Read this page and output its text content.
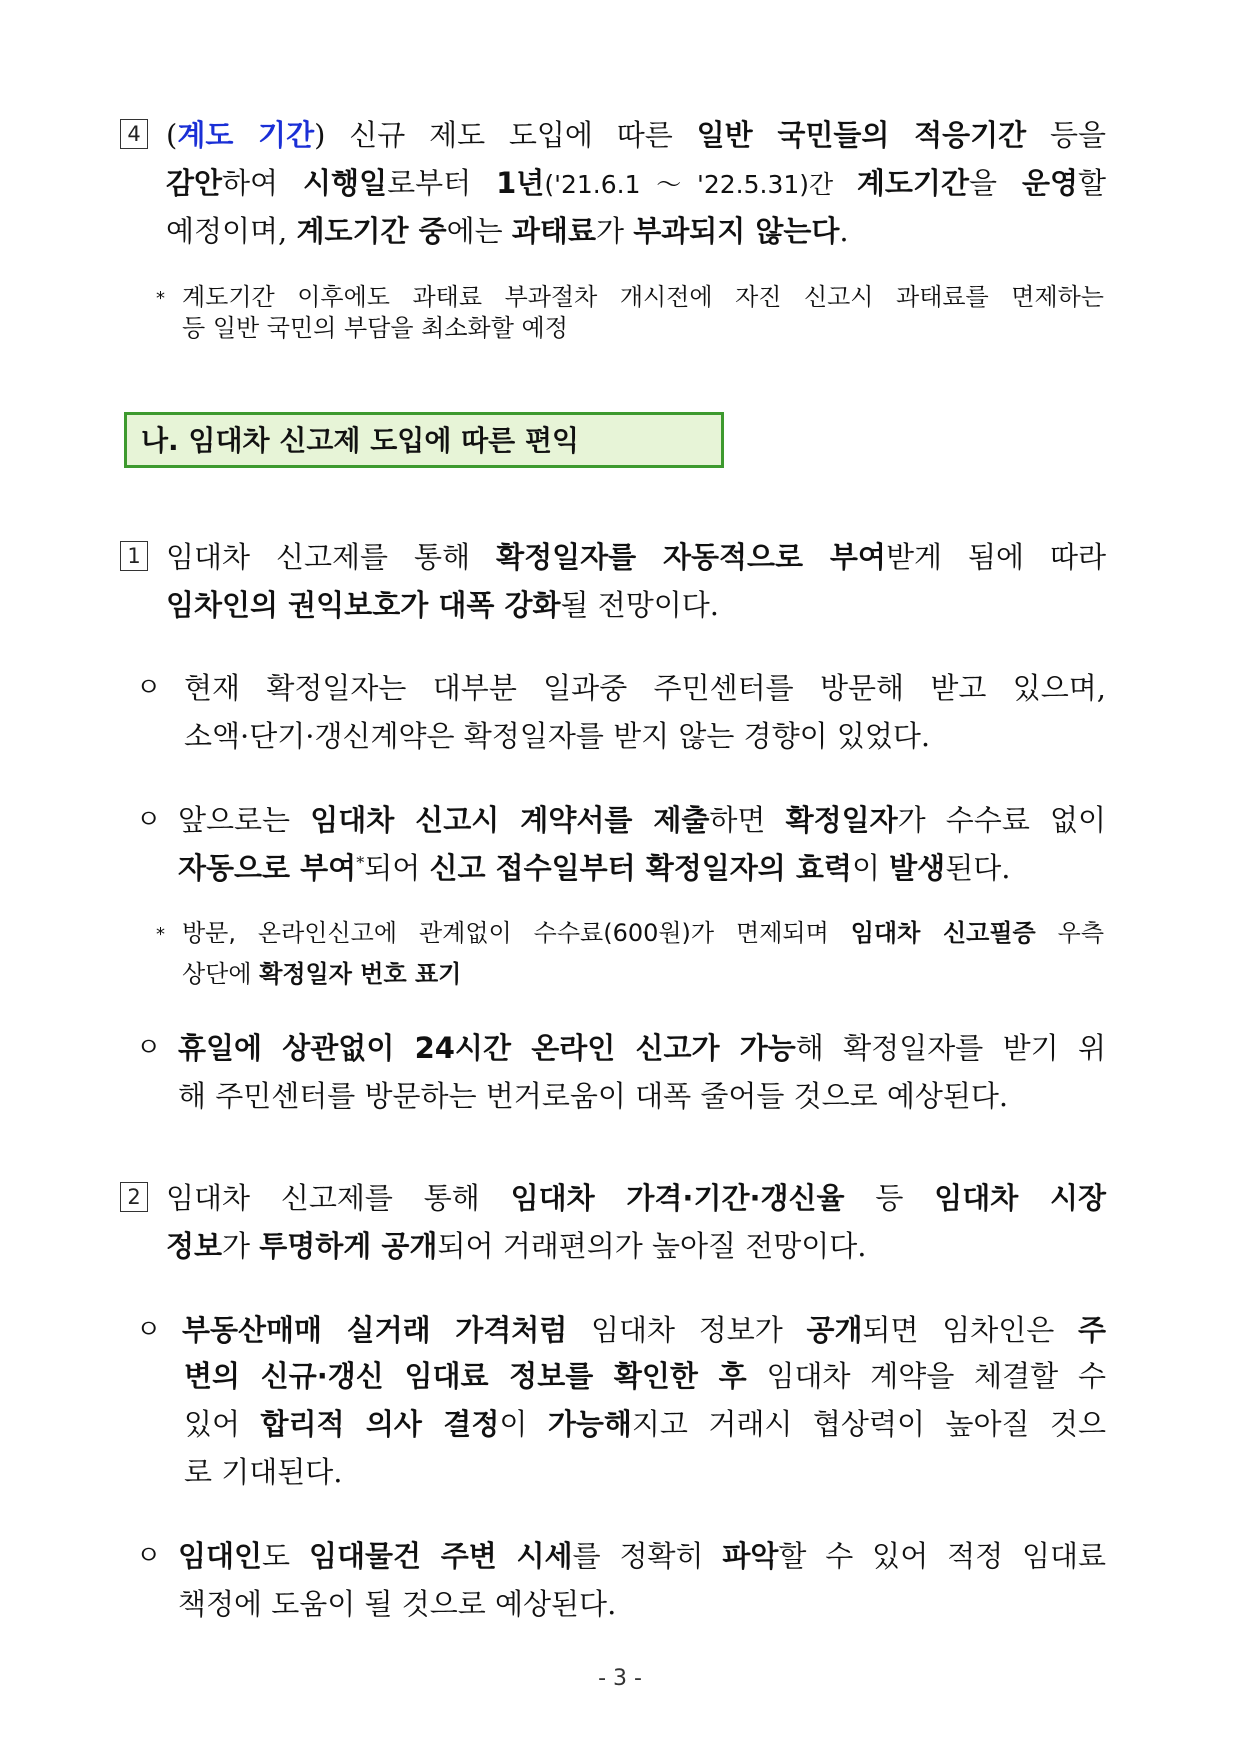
4 (계도 기간) 신규 제도 도입에 따른 일반 국민들의 적응기간 등을
감안하여 시행일로부터 1년('21.6.1～'22.5.31)간 계도기간을 운영할
예정이며, 계도기간 중에는 과태료가 부과되지 않는다.
* 계도기간 이후에도 과태료 부과절차 개시전에 자진 신고시 과태료를 면제하는
등 일반 국민의 부담을 최소화할 예정
나. 임대차 신고제 도입에 따른 편익
1 임대차 신고제를 통해 확정일자를 자동적으로 부여받게 됨에 따라
임차인의 권익보호가 대폭 강화될 전망이다.
ㅇ 현재 확정일자는 대부분 일과중 주민센터를 방문해 받고 있으며,
소액·단기·갱신계약은 확정일자를 받지 않는 경향이 있었다.
ㅇ 앞으로는 임대차 신고시 계약서를 제출하면 확정일자가 수수료 없이
자동으로 부여*되어 신고 접수일부터 확정일자의 효력이 발생된다.
* 방문, 온라인신고에 관계없이 수수료(600원)가 면제되며 임대차 신고필증 우측
상단에 확정일자 번호 표기
ㅇ 휴일에 상관없이 24시간 온라인 신고가 가능해 확정일자를 받기 위
해 주민센터를 방문하는 번거로움이 대폭 줄어들 것으로 예상된다.
2 임대차 신고제를 통해 임대차 가격·기간·갱신율 등 임대차 시장
정보가 투명하게 공개되어 거래편의가 높아질 전망이다.
ㅇ 부동산매매 실거래 가격처럼 임대차 정보가 공개되면 임차인은 주
변의 신규·갱신 임대료 정보를 확인한 후 임대차 계약을 체결할 수
있어 합리적 의사 결정이 가능해지고 거래시 협상력이 높아질 것으
로 기대된다.
ㅇ 임대인도 임대물건 주변 시세를 정확히 파악할 수 있어 적정 임대료
책정에 도움이 될 것으로 예상된다.
- 3 -
